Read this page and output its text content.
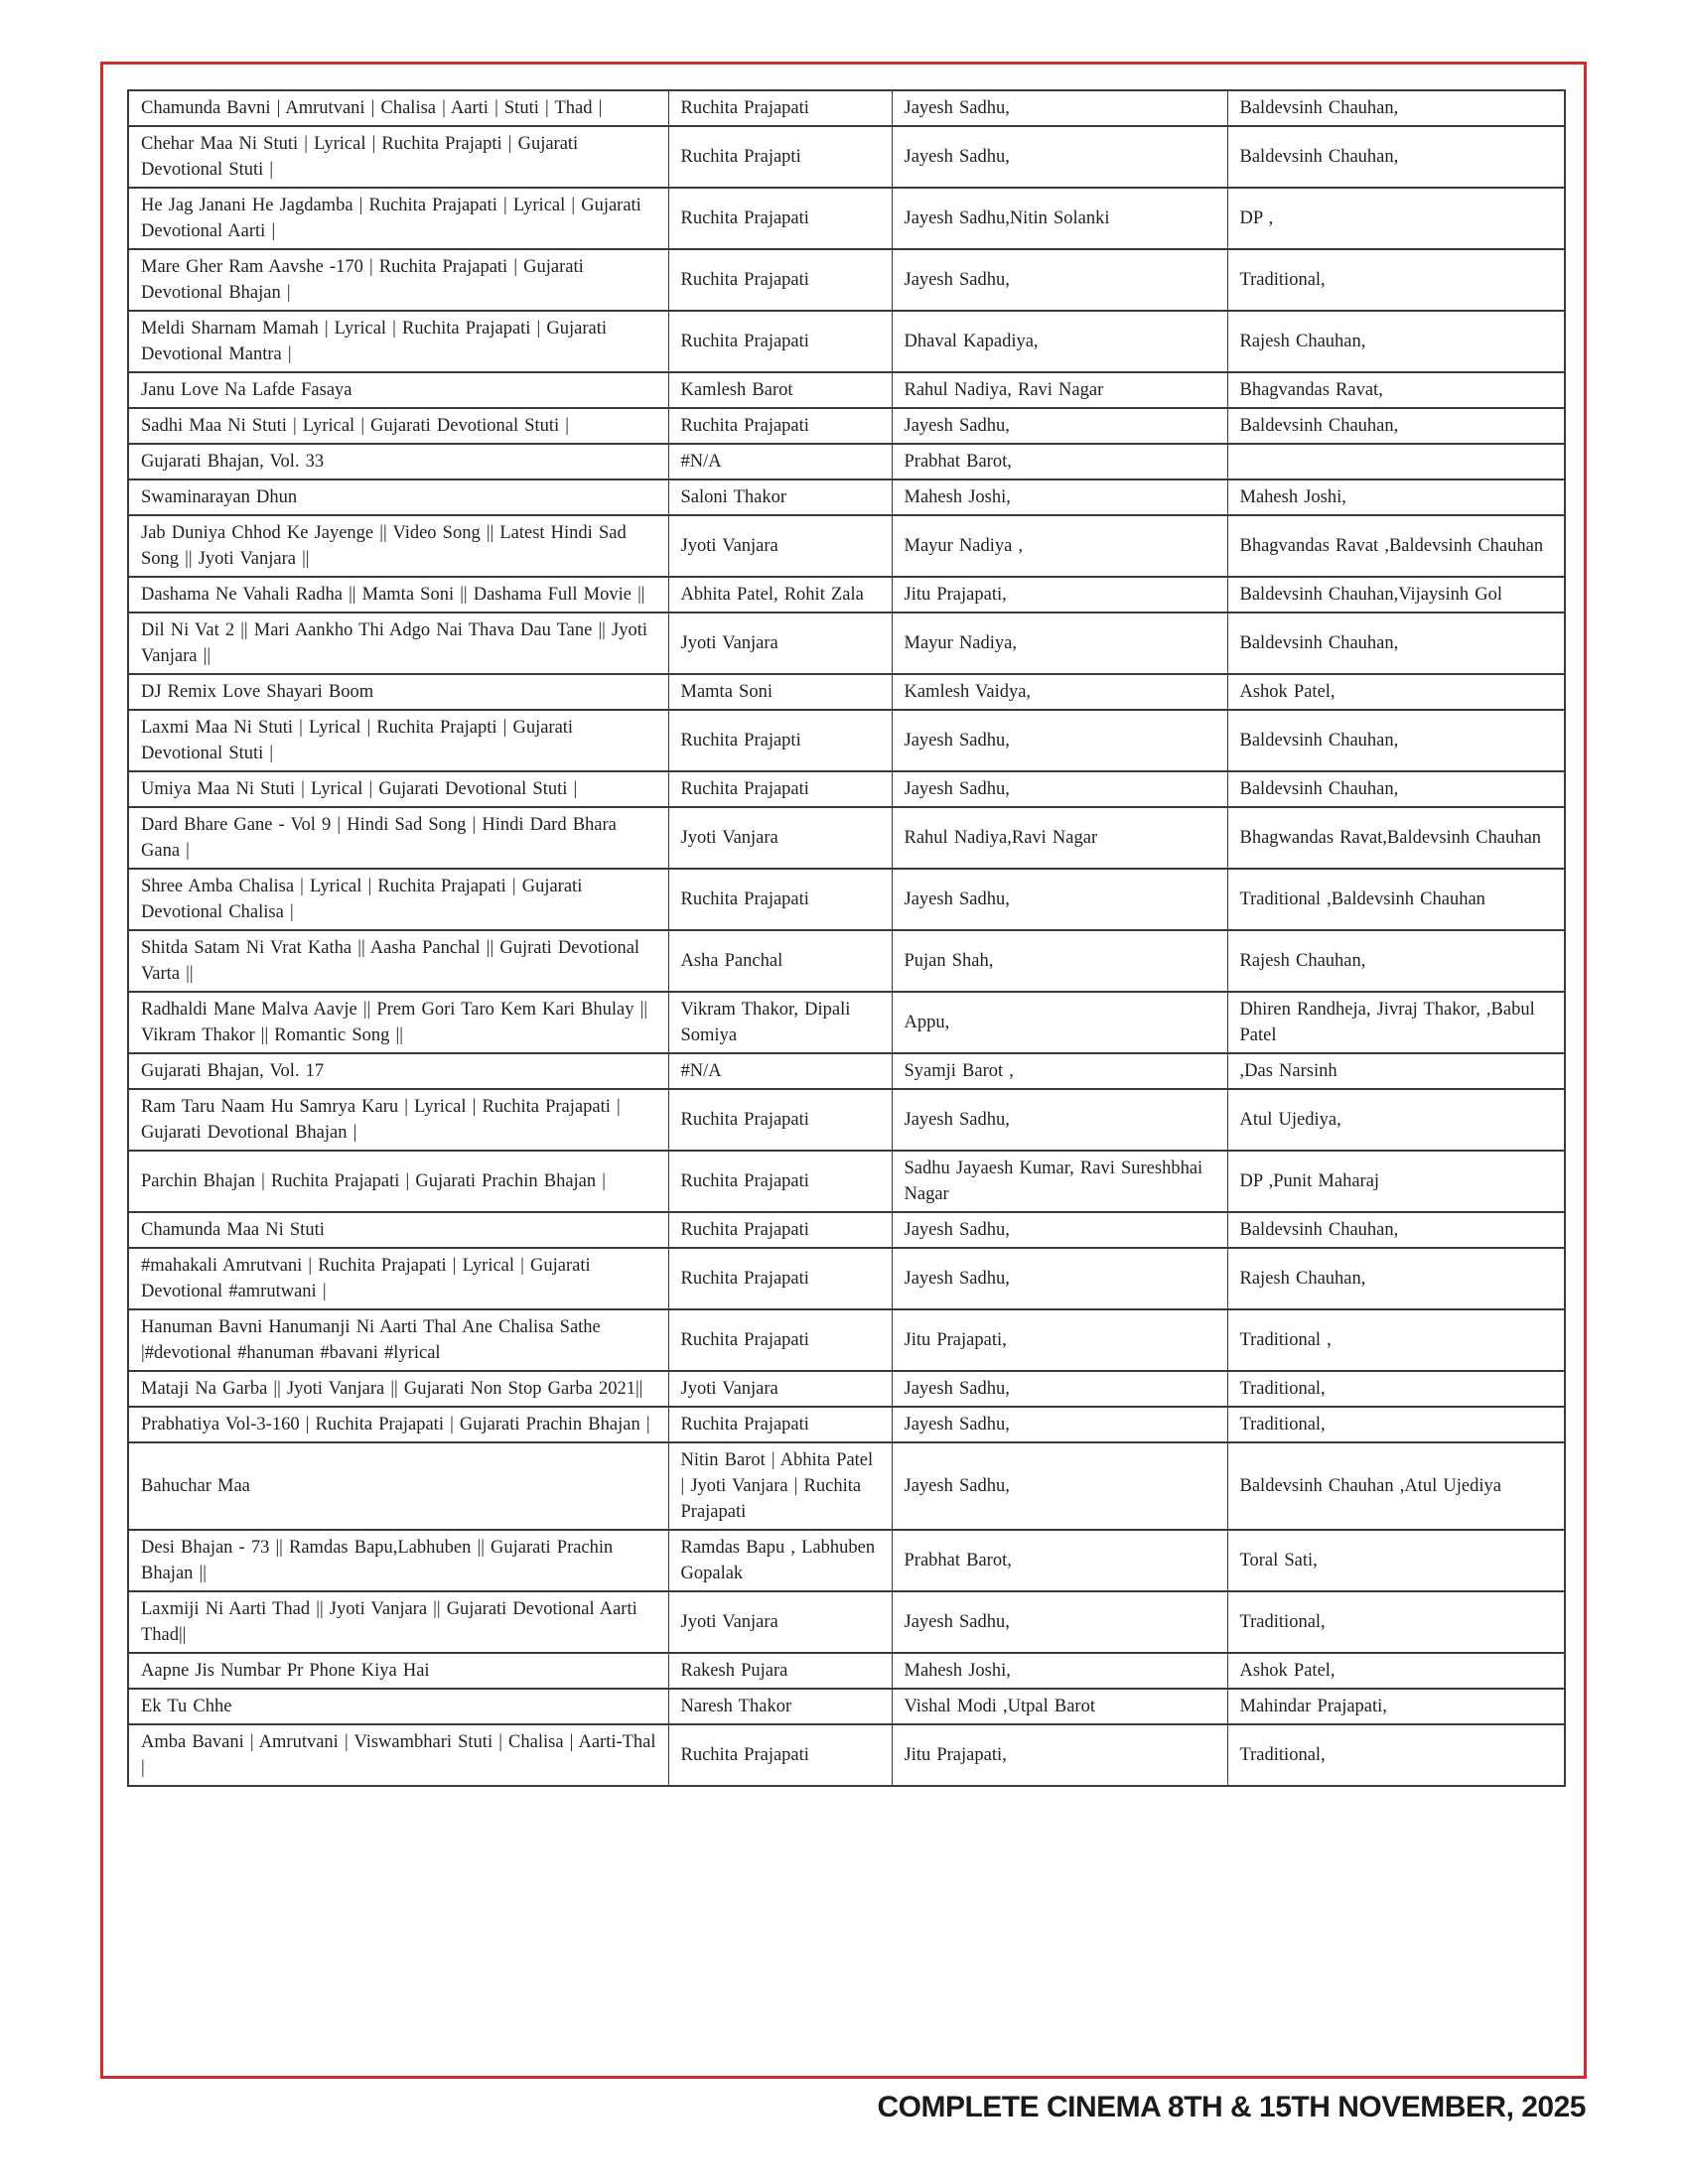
Chamunda Bavni | Amrutvani | Chalisa | Aarti | Stuti | Thad |	Ruchita Prajapati	Jayesh Sadhu,	Baldevsinh Chauhan,
Chehar Maa Ni Stuti | Lyrical | Ruchita Prajapti | Gujarati Devotional Stuti |	Ruchita Prajapti	Jayesh Sadhu,	Baldevsinh Chauhan,
He Jag Janani He Jagdamba | Ruchita Prajapati | Lyrical | Gujarati Devotional Aarti |	Ruchita Prajapati	Jayesh Sadhu,Nitin Solanki	DP ,
Mare Gher Ram Aavshe -170 | Ruchita Prajapati | Gujarati Devotional Bhajan |	Ruchita Prajapati	Jayesh Sadhu,	Traditional,
Meldi Sharnam Mamah | Lyrical | Ruchita Prajapati | Gujarati Devotional Mantra |	Ruchita Prajapati	Dhaval Kapadiya,	Rajesh Chauhan,
Janu Love Na Lafde Fasaya	Kamlesh Barot	Rahul Nadiya, Ravi Nagar	Bhagvandas Ravat,
Sadhi Maa Ni Stuti | Lyrical | Gujarati Devotional Stuti |	Ruchita Prajapati	Jayesh Sadhu,	Baldevsinh Chauhan,
Gujarati Bhajan, Vol. 33	#N/A	Prabhat Barot,	
Swaminarayan Dhun	Saloni Thakor	Mahesh Joshi,	Mahesh Joshi,
Jab Duniya Chhod Ke Jayenge || Video Song || Latest Hindi Sad Song || Jyoti Vanjara ||	Jyoti Vanjara	Mayur Nadiya ,	Bhagvandas Ravat ,Baldevsinh Chauhan
Dashama Ne Vahali Radha || Mamta Soni || Dashama Full Movie ||	Abhita Patel, Rohit Zala	Jitu Prajapati,	Baldevsinh Chauhan,Vijaysinh Gol
Dil Ni Vat 2 || Mari Aankho Thi Adgo Nai Thava Dau Tane || Jyoti Vanjara ||	Jyoti Vanjara	Mayur Nadiya,	Baldevsinh Chauhan,
DJ Remix Love Shayari Boom	Mamta Soni	Kamlesh Vaidya,	Ashok Patel,
Laxmi Maa Ni Stuti | Lyrical | Ruchita Prajapti | Gujarati Devotional Stuti |	Ruchita Prajapti	Jayesh Sadhu,	Baldevsinh Chauhan,
Umiya Maa Ni Stuti | Lyrical | Gujarati Devotional Stuti |	Ruchita Prajapati	Jayesh Sadhu,	Baldevsinh Chauhan,
Dard Bhare Gane - Vol 9 | Hindi Sad Song | Hindi Dard Bhara Gana |	Jyoti Vanjara	Rahul Nadiya,Ravi Nagar	Bhagwandas Ravat,Baldevsinh Chauhan
Shree Amba Chalisa | Lyrical | Ruchita Prajapati | Gujarati Devotional Chalisa |	Ruchita Prajapati	Jayesh Sadhu,	Traditional ,Baldevsinh Chauhan
Shitda Satam Ni Vrat Katha || Aasha Panchal || Gujrati Devotional Varta ||	Asha Panchal	Pujan Shah,	Rajesh Chauhan,
Radhaldi Mane Malva Aavje || Prem Gori Taro Kem Kari Bhulay || Vikram Thakor || Romantic Song ||	Vikram Thakor, Dipali Somiya	Appu,	Dhiren Randheja, Jivraj Thakor, ,Babul Patel
Gujarati Bhajan, Vol. 17	#N/A	Syamji Barot ,	,Das Narsinh
Ram Taru Naam Hu Samrya Karu | Lyrical | Ruchita Prajapati | Gujarati Devotional Bhajan |	Ruchita Prajapati	Jayesh Sadhu,	Atul Ujediya,
Parchin Bhajan | Ruchita Prajapati | Gujarati Prachin Bhajan |	Ruchita Prajapati	Sadhu Jayaesh Kumar, Ravi Sureshbhai Nagar	DP ,Punit Maharaj
Chamunda Maa Ni Stuti	Ruchita Prajapati	Jayesh Sadhu,	Baldevsinh Chauhan,
#mahakali Amrutvani | Ruchita Prajapati | Lyrical | Gujarati Devotional #amrutwani |	Ruchita Prajapati	Jayesh Sadhu,	Rajesh Chauhan,
Hanuman Bavni Hanumanji Ni Aarti Thal Ane Chalisa Sathe |#devotional #hanuman #bavani #lyrical	Ruchita Prajapati	Jitu Prajapati,	Traditional ,
Mataji Na Garba || Jyoti Vanjara || Gujarati Non Stop Garba 2021||	Jyoti Vanjara	Jayesh Sadhu,	Traditional,
Prabhatiya Vol-3-160 | Ruchita Prajapati | Gujarati Prachin Bhajan |	Ruchita Prajapati	Jayesh Sadhu,	Traditional,
Bahuchar Maa	Nitin Barot | Abhita Patel | Jyoti Vanjara | Ruchita Prajapati	Jayesh Sadhu,	Baldevsinh Chauhan ,Atul Ujediya
Desi Bhajan - 73 || Ramdas Bapu,Labhuben || Gujarati Prachin Bhajan ||	Ramdas Bapu , Labhuben Gopalak	Prabhat Barot,	Toral Sati,
Laxmiji Ni Aarti Thad || Jyoti Vanjara || Gujarati Devotional Aarti Thad||	Jyoti Vanjara	Jayesh Sadhu,	Traditional,
Aapne Jis Numbar Pr Phone Kiya Hai	Rakesh Pujara	Mahesh Joshi,	Ashok Patel,
Ek Tu Chhe	Naresh Thakor	Vishal Modi ,Utpal Barot	Mahindar Prajapati,
Amba Bavani | Amrutvani | Viswambhari Stuti | Chalisa | Aarti-Thal |	Ruchita Prajapati	Jitu Prajapati,	Traditional,
COMPLETE CINEMA 8TH & 15TH NOVEMBER, 2025
